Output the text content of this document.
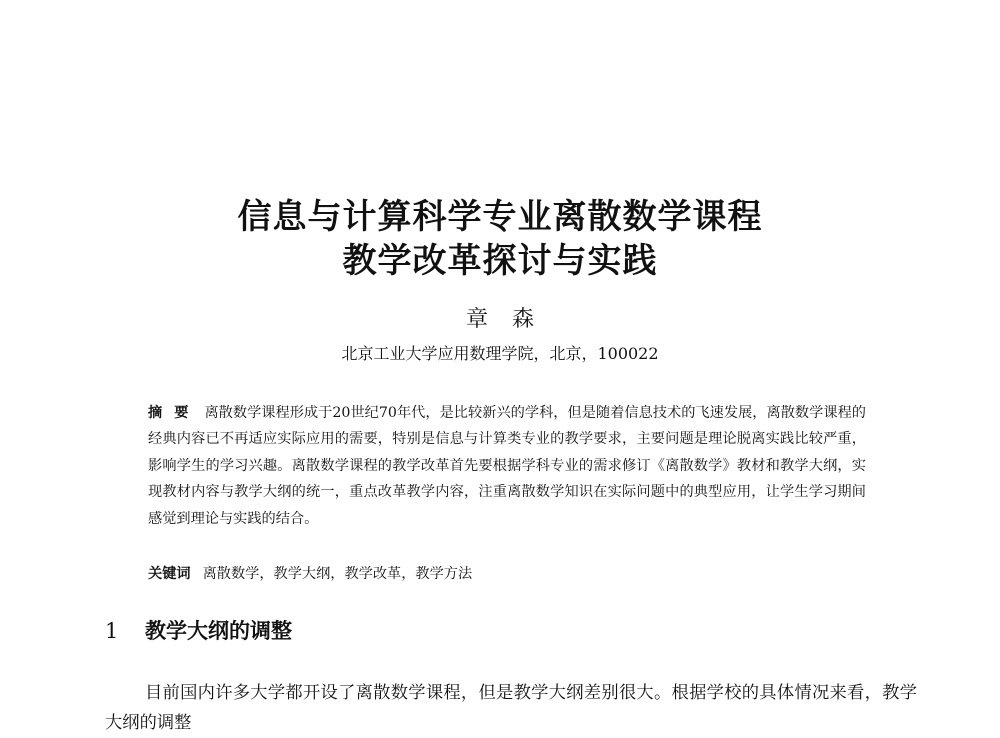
信息与计算科学专业离散数学课程
教学改革探讨与实践
章森
北京工业大学应用数理学院，北京，100022
摘要 离散数学课程形成于20世纪70年代，是比较新兴的学科，但是随着信息技术的飞速发展，离散数学课程的经典内容已不再适应实际应用的需要，特别是信息与计算类专业的教学要求，主要问题是理论脱离实践比较严重，影响学生的学习兴趣。离散数学课程的教学改革首先要根据学科专业的需求修订《离散数学》教材和教学大纲，实现教材内容与教学大纲的统一，重点改革教学内容，注重离散数学知识在实际问题中的典型应用，让学生学习期间感觉到理论与实践的结合。
关键词 离散数学，教学大纲，教学改革，教学方法
1 教学大纲的调整
目前国内许多大学都开设了离散数学课程，但是教学大纲差别很大。根据学校的具体情况来看，教学大纲的调整
